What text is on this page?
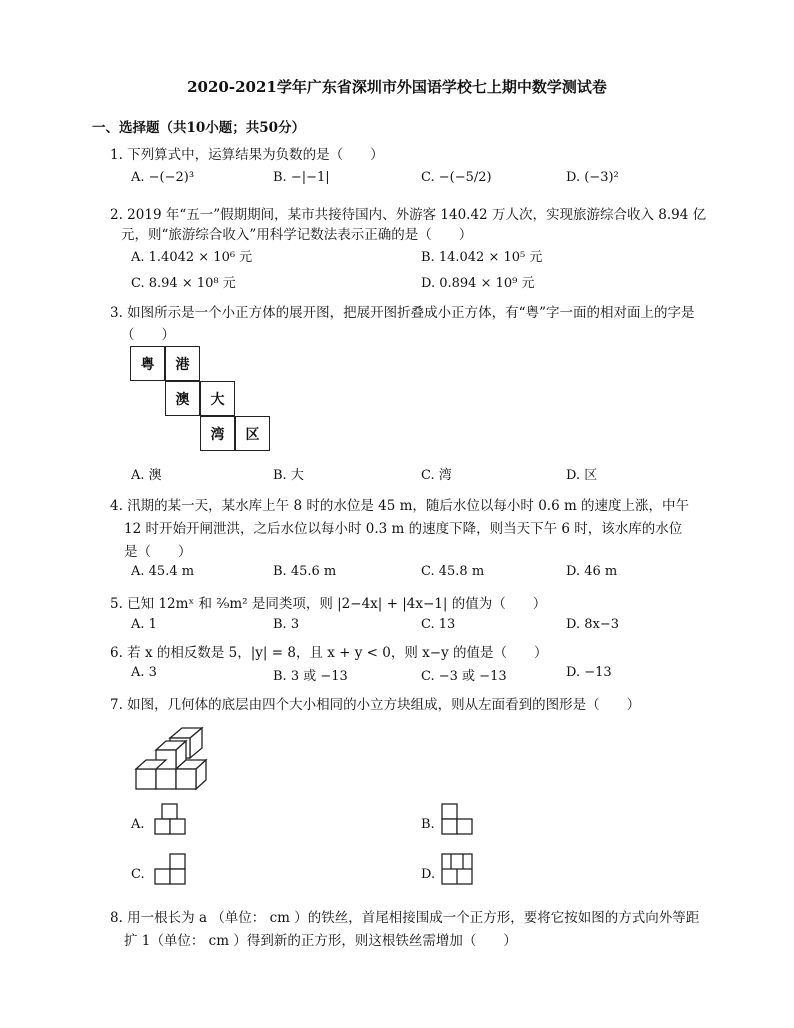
2020-2021学年广东省深圳市外国语学校七上期中数学测试卷
一、选择题（共10小题；共50分）
1. 下列算式中，运算结果为负数的是（　　）
A. −(−2)³	B. −|−1|	C. −(−5/2)	D. (−3)²
2. 2019 年“五一”假期期间，某市共接待国内、外游客 140.42 万人次，实现旅游综合收入 8.94 亿
元，则“旅游综合收入”用科学记数法表示正确的是（　　）
A. 1.4042 × 10⁶ 元	B. 14.042 × 10⁵ 元
C. 8.94 × 10⁸ 元	D. 0.894 × 10⁹ 元
3. 如图所示是一个小正方体的展开图，把展开图折叠成小正方体，有“粤”字一面的相对面上的字是
（　　）
粤	港
澳	大
湾	区
A. 澳	B. 大	C. 湾	D. 区
4. 汛期的某一天，某水库上午 8 时的水位是 45 m，随后水位以每小时 0.6 m 的速度上涨，中午
12 时开始开闸泄洪，之后水位以每小时 0.3 m 的速度下降，则当天下午 6 时，该水库的水位
是（　　）
A. 45.4 m	B. 45.6 m	C. 45.8 m	D. 46 m
5. 已知 12mˣ 和 ²⁄₉m² 是同类项，则 |2−4x| + |4x−1| 的值为（　　）
A. 1	B. 3	C. 13	D. 8x−3
6. 若 x 的相反数是 5，|y| = 8，且 x + y < 0，则 x−y 的值是（　　）
A. 3	B. 3 或 −13	C. −3 或 −13	D. −13
7. 如图，几何体的底层由四个大小相同的小立方块组成，则从左面看到的图形是（　　）
A.	B.
C.	D.
8. 用一根长为 a （单位： cm ）的铁丝，首尾相接围成一个正方形，要将它按如图的方式向外等距
扩 1（单位： cm ）得到新的正方形，则这根铁丝需增加（　　）
